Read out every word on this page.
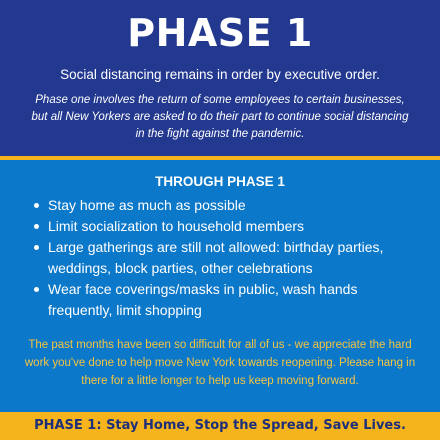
PHASE 1

Social distancing remains in order by executive order.

Phase one involves the return of some employees to certain businesses, but all New Yorkers are asked to do their part to continue social distancing in the fight against the pandemic.

THROUGH PHASE 1
Stay home as much as possible
Limit socialization to household members
Large gatherings are still not allowed: birthday parties, weddings, block parties, other celebrations
Wear face coverings/masks in public, wash hands frequently, limit shopping

The past months have been so difficult for all of us - we appreciate the hard work you've done to help move New York towards reopening. Please hang in there for a little longer to help us keep moving forward.

PHASE 1: Stay Home, Stop the Spread, Save Lives.
